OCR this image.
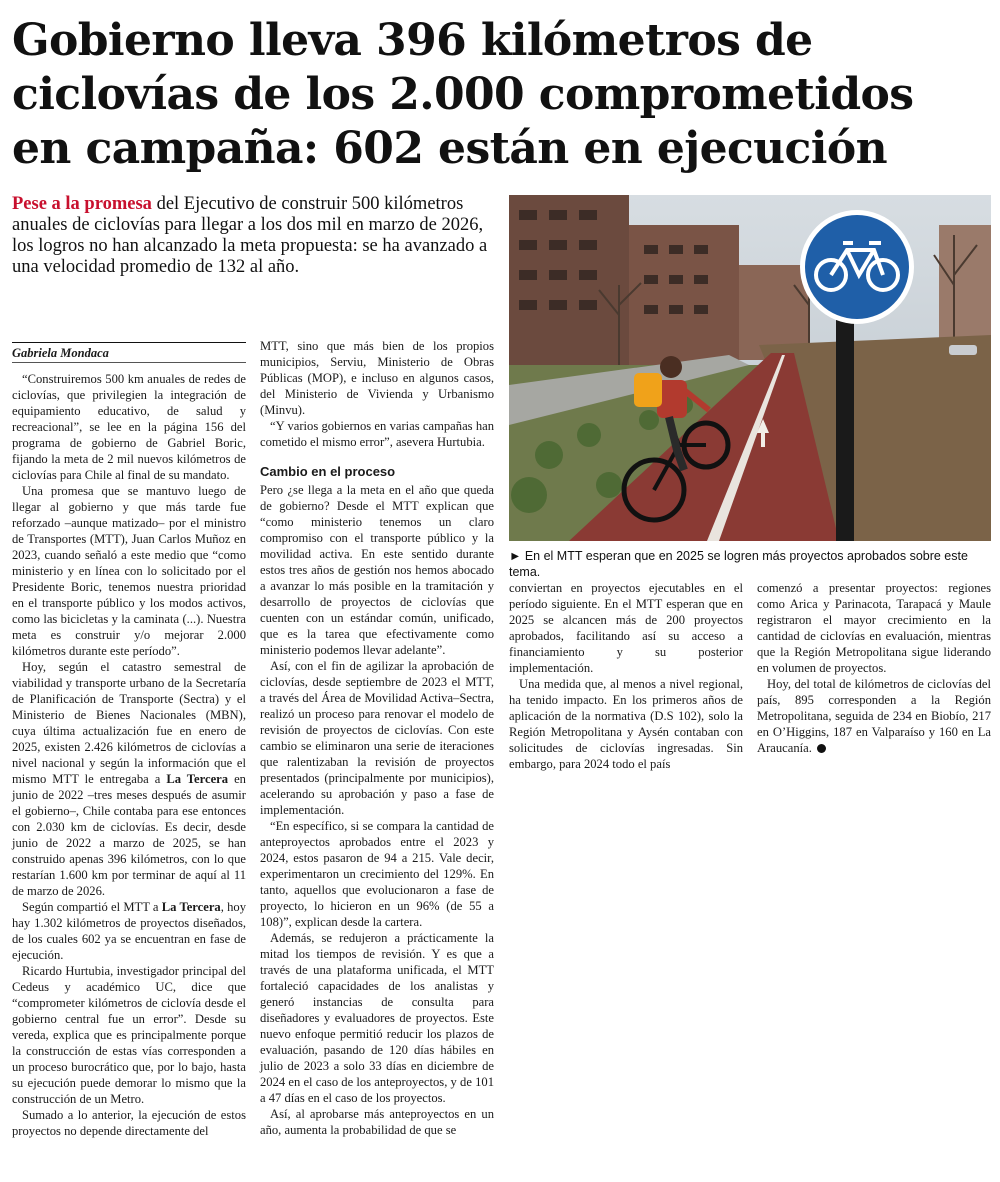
Gobierno lleva 396 kilómetros de
ciclovías de los 2.000 comprometidos
en campaña: 602 están en ejecución
Pese a la promesa del Ejecutivo de construir 500 kilómetros anuales de ciclovías para llegar a los dos mil en marzo de 2026, los logros no han alcanzado la meta propuesta: se ha avanzado a una velocidad promedio de 132 al año.
► En el MTT esperan que en 2025 se logren más proyectos aprobados sobre este tema.
Gabriela Mondaca

“Construiremos 500 km anuales de redes de ciclovías, que privilegien la integración de equipamiento educativo, de salud y recreacional”, se lee en la página 156 del programa de gobierno de Gabriel Boric, fijando la meta de 2 mil nuevos kilómetros de ciclovías para Chile al final de su mandato.

Una promesa que se mantuvo luego de llegar al gobierno y que más tarde fue reforzado –aunque matizado– por el ministro de Transportes (MTT), Juan Carlos Muñoz en 2023, cuando señaló a este medio que “como ministerio y en línea con lo solicitado por el Presidente Boric, tenemos nuestra prioridad en el transporte público y los modos activos, como las bicicletas y la caminata (...). Nuestra meta es construir y/o mejorar 2.000 kilómetros durante este período”.

Hoy, según el catastro semestral de viabilidad y transporte urbano de la Secretaría de Planificación de Transporte (Sectra) y el Ministerio de Bienes Nacionales (MBN), cuya última actualización fue en enero de 2025, existen 2.426 kilómetros de ciclovías a nivel nacional y según la información que el mismo MTT le entregaba a La Tercera en junio de 2022 –tres meses después de asumir el gobierno–, Chile contaba para ese entonces con 2.030 km de ciclovías. Es decir, desde junio de 2022 a marzo de 2025, se han construido apenas 396 kilómetros, con lo que restarían 1.600 km por terminar de aquí al 11 de marzo de 2026.

Según compartió el MTT a La Tercera, hoy hay 1.302 kilómetros de proyectos diseñados, de los cuales 602 ya se encuentran en fase de ejecución.

Ricardo Hurtubia, investigador principal del Cedeus y académico UC, dice que “comprometer kilómetros de ciclovía desde el gobierno central fue un error”. Desde su vereda, explica que es principalmente porque la construcción de estas vías corresponden a un proceso burocrático que, por lo bajo, hasta su ejecución puede demorar lo mismo que la construcción de un Metro.

Sumado a lo anterior, la ejecución de estos proyectos no depende directamente del

MTT, sino que más bien de los propios municipios, Serviu, Ministerio de Obras Públicas (MOP), e incluso en algunos casos, del Ministerio de Vivienda y Urbanismo (Minvu).

“Y varios gobiernos en varias campañas han cometido el mismo error”, asevera Hurtubia.

Cambio en el proceso

Pero ¿se llega a la meta en el año que queda de gobierno? Desde el MTT explican que “como ministerio tenemos un claro compromiso con el transporte público y la movilidad activa. En este sentido durante estos tres años de gestión nos hemos abocado a avanzar lo más posible en la tramitación y desarrollo de proyectos de ciclovías que cuenten con un estándar común, unificado, que es la tarea que efectivamente como ministerio podemos llevar adelante”.

Así, con el fin de agilizar la aprobación de ciclovías, desde septiembre de 2023 el MTT, a través del Área de Movilidad Activa–Sectra, realizó un proceso para renovar el modelo de revisión de proyectos de ciclovías. Con este cambio se eliminaron una serie de iteraciones que ralentizaban la revisión de proyectos presentados (principalmente por municipios), acelerando su aprobación y paso a fase de implementación.

“En específico, si se compara la cantidad de anteproyectos aprobados entre el 2023 y 2024, estos pasaron de 94 a 215. Vale decir, experimentaron un crecimiento del 129%. En tanto, aquellos que evolucionaron a fase de proyecto, lo hicieron en un 96% (de 55 a 108)”, explican desde la cartera.

Además, se redujeron a prácticamente la mitad los tiempos de revisión. Y es que a través de una plataforma unificada, el MTT fortaleció capacidades de los analistas y generó instancias de consulta para diseñadores y evaluadores de proyectos. Este nuevo enfoque permitió reducir los plazos de evaluación, pasando de 120 días hábiles en julio de 2023 a solo 33 días en diciembre de 2024 en el caso de los anteproyectos, y de 101 a 47 días en el caso de los proyectos.

Así, al aprobarse más anteproyectos en un año, aumenta la probabilidad de que se

conviertan en proyectos ejecutables en el período siguiente. En el MTT esperan que en 2025 se alcancen más de 200 proyectos aprobados, facilitando así su acceso a financiamiento y su posterior implementación.

Una medida que, al menos a nivel regional, ha tenido impacto. En los primeros años de aplicación de la normativa (D.S 102), solo la Región Metropolitana y Aysén contaban con solicitudes de ciclovías ingresadas. Sin embargo, para 2024 todo el país

comenzó a presentar proyectos: regiones como Arica y Parinacota, Tarapacá y Maule registraron el mayor crecimiento en la cantidad de ciclovías en evaluación, mientras que la Región Metropolitana sigue liderando en volumen de proyectos.

Hoy, del total de kilómetros de ciclovías del país, 895 corresponden a la Región Metropolitana, seguida de 234 en Biobío, 217 en O’Higgins, 187 en Valparaíso y 160 en La Araucanía.
